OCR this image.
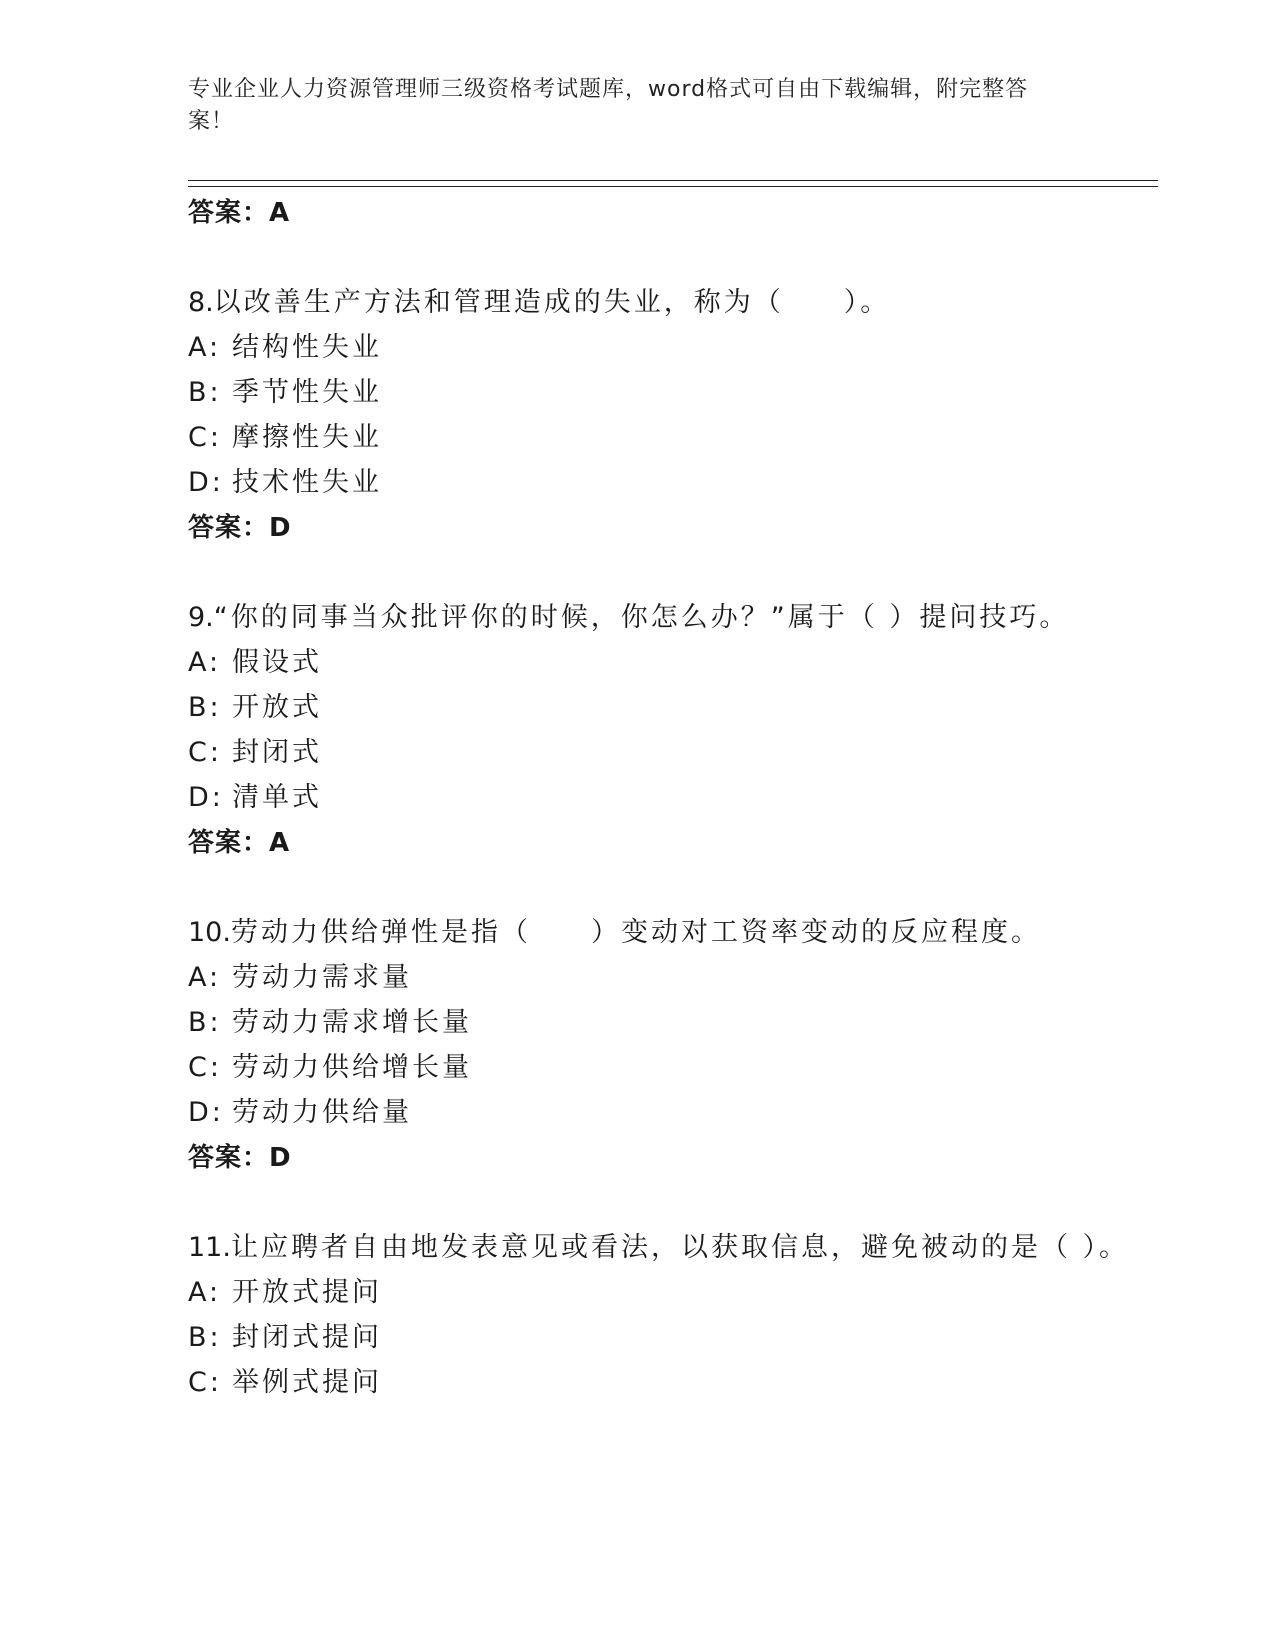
专业企业人力资源管理师三级资格考试题库，word格式可自由下载编辑，附完整答案！
答案：A
8.以改善生产方法和管理造成的失业，称为（　　）。
A: 结构性失业
B: 季节性失业
C: 摩擦性失业
D: 技术性失业
答案：D
9.“你的同事当众批评你的时候，你怎么办？”属于（ ）提问技巧。
A: 假设式
B: 开放式
C: 封闭式
D: 清单式
答案：A
10.劳动力供给弹性是指（　　）变动对工资率变动的反应程度。
A: 劳动力需求量
B: 劳动力需求增长量
C: 劳动力供给增长量
D: 劳动力供给量
答案：D
11.让应聘者自由地发表意见或看法，以获取信息，避免被动的是（ ）。
A: 开放式提问
B: 封闭式提问
C: 举例式提问
